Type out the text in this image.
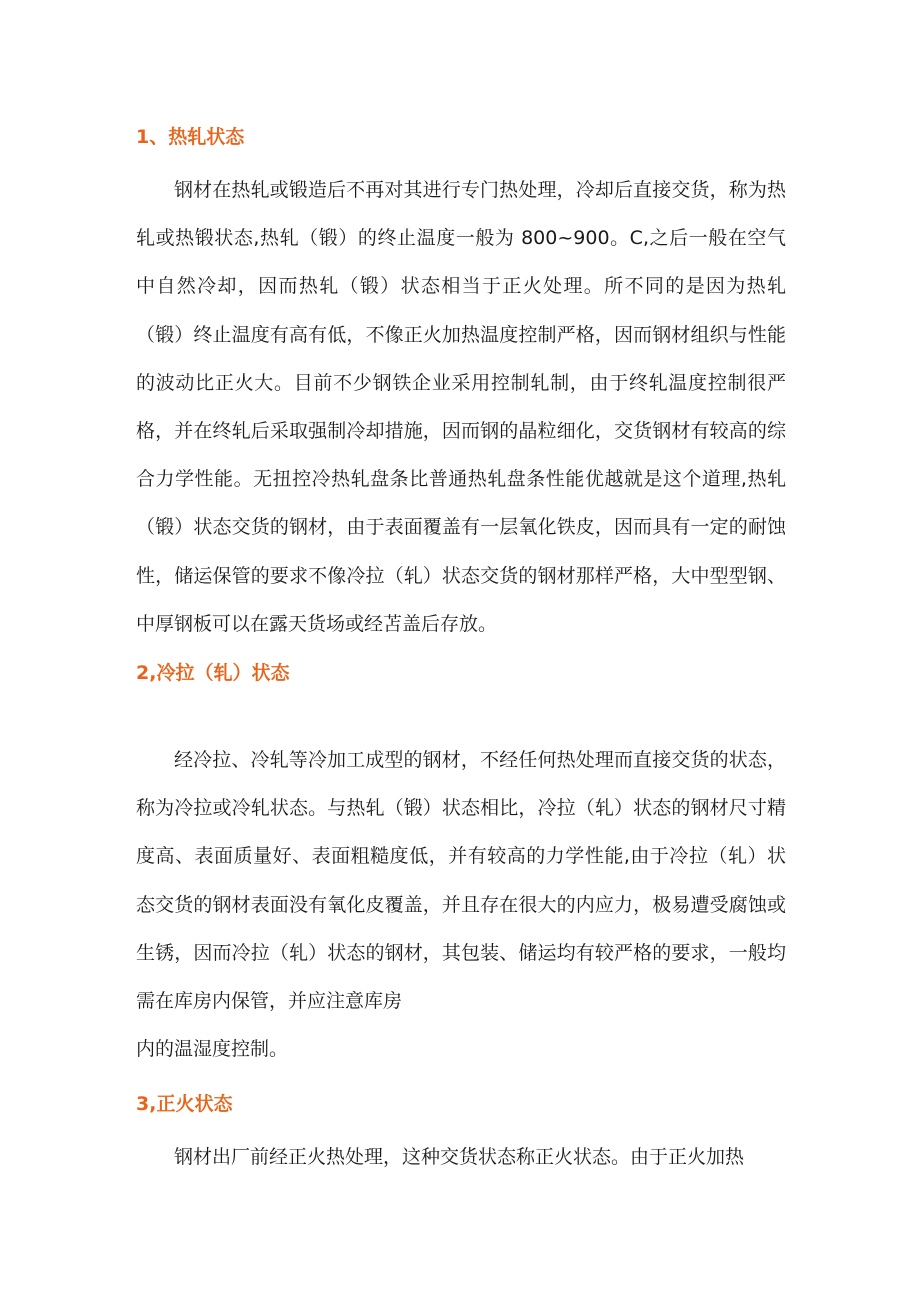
1、热轧状态

钢材在热轧或锻造后不再对其进行专门热处理，冷却后直接交货，称为热轧或热锻状态,热轧（锻）的终止温度一般为 800~900。C,之后一般在空气中自然冷却，因而热轧（锻）状态相当于正火处理。所不同的是因为热轧（锻）终止温度有高有低，不像正火加热温度控制严格，因而钢材组织与性能的波动比正火大。目前不少钢铁企业采用控制轧制，由于终轧温度控制很严格，并在终轧后采取强制冷却措施，因而钢的晶粒细化，交货钢材有较高的综合力学性能。无扭控冷热轧盘条比普通热轧盘条性能优越就是这个道理,热轧（锻）状态交货的钢材，由于表面覆盖有一层氧化铁皮，因而具有一定的耐蚀性，储运保管的要求不像冷拉（轧）状态交货的钢材那样严格，大中型型钢、中厚钢板可以在露天货场或经苫盖后存放。

2,冷拉（轧）状态

经冷拉、冷轧等冷加工成型的钢材，不经任何热处理而直接交货的状态，称为冷拉或冷轧状态。与热轧（锻）状态相比，冷拉（轧）状态的钢材尺寸精度高、表面质量好、表面粗糙度低，并有较高的力学性能,由于冷拉（轧）状态交货的钢材表面没有氧化皮覆盖，并且存在很大的内应力，极易遭受腐蚀或生锈，因而冷拉（轧）状态的钢材，其包装、储运均有较严格的要求，一般均需在库房内保管，并应注意库房

内的温湿度控制。

3,正火状态

钢材出厂前经正火热处理，这种交货状态称正火状态。由于正火加热
